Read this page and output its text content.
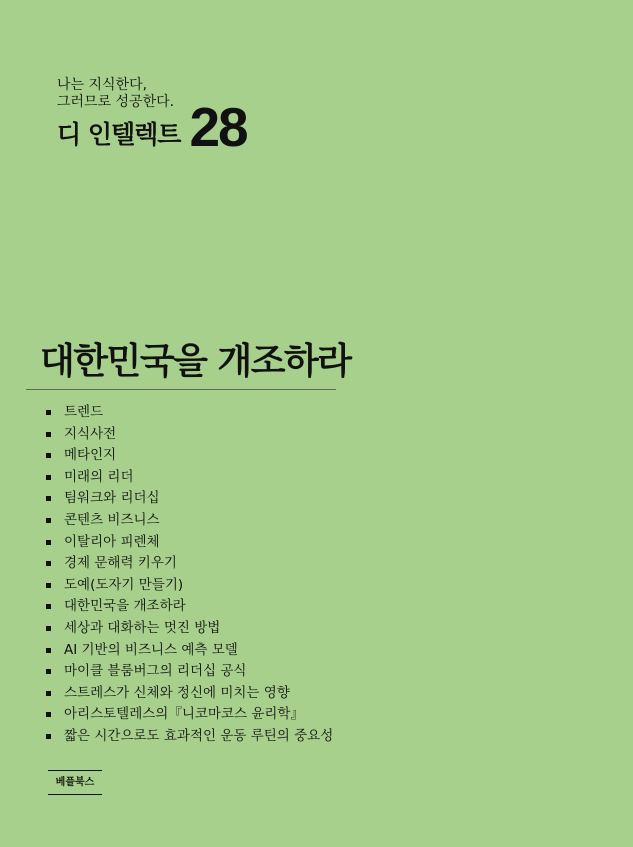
나는 지식한다,
그러므로 성공한다.
디 인텔렉트 28
대한민국을 개조하라
트렌드
지식사전
메타인지
미래의 리더
팀워크와 리더십
콘텐츠 비즈니스
이탈리아 피렌체
경제 문해력 키우기
도예(도자기 만들기)
대한민국을 개조하라
세상과 대화하는 멋진 방법
AI 기반의 비즈니스 예측 모델
마이클 블룸버그의 리더십 공식
스트레스가 신체와 정신에 미치는 영향
아리스토텔레스의『니코마코스 윤리학』
짧은 시간으로도 효과적인 운동 루틴의 중요성
베플북스
